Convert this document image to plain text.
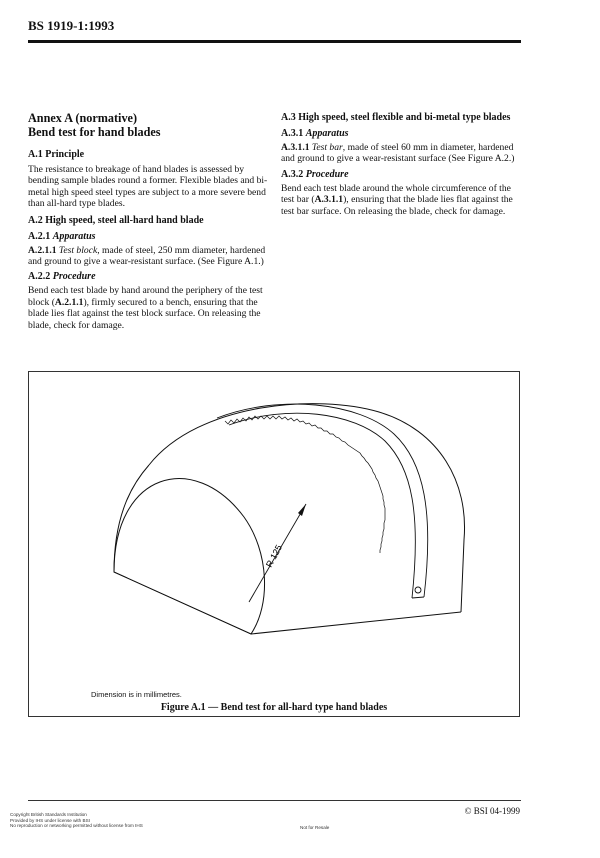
BS 1919-1:1993
Annex A (normative)
Bend test for hand blades
A.1 Principle

The resistance to breakage of hand blades is assessed by bending sample blades round a former. Flexible blades and bi-metal high speed steel types are subject to a more severe bend than all-hard type blades.

A.2 High speed, steel all-hard hand blade
A.2.1 Apparatus

A.2.1.1 Test block, made of steel, 250 mm diameter, hardened and ground to give a wear-resistant surface. (See Figure A.1.)

A.2.2 Procedure

Bend each test blade by hand around the periphery of the test block (A.2.1.1), firmly secured to a bench, ensuring that the blade lies flat against the test block surface. On releasing the blade, check for damage.

A.3 High speed, steel flexible and bi-metal type blades
A.3.1 Apparatus

A.3.1.1 Test bar, made of steel 60 mm in diameter, hardened and ground to give a wear-resistant surface (See Figure A.2.)

A.3.2 Procedure

Bend each test blade around the whole circumference of the test bar (A.3.1.1), ensuring that the blade lies flat against the test bar surface. On releasing the blade, check for damage.

R 125
Dimension is in millimetres.
Figure A.1 — Bend test for all-hard type hand blades
© BSI 04-1999
Copyright British Standards Institution
Provided by IHS under license with BSI
No reproduction or networking permitted without license from IHS	Not for Resale
